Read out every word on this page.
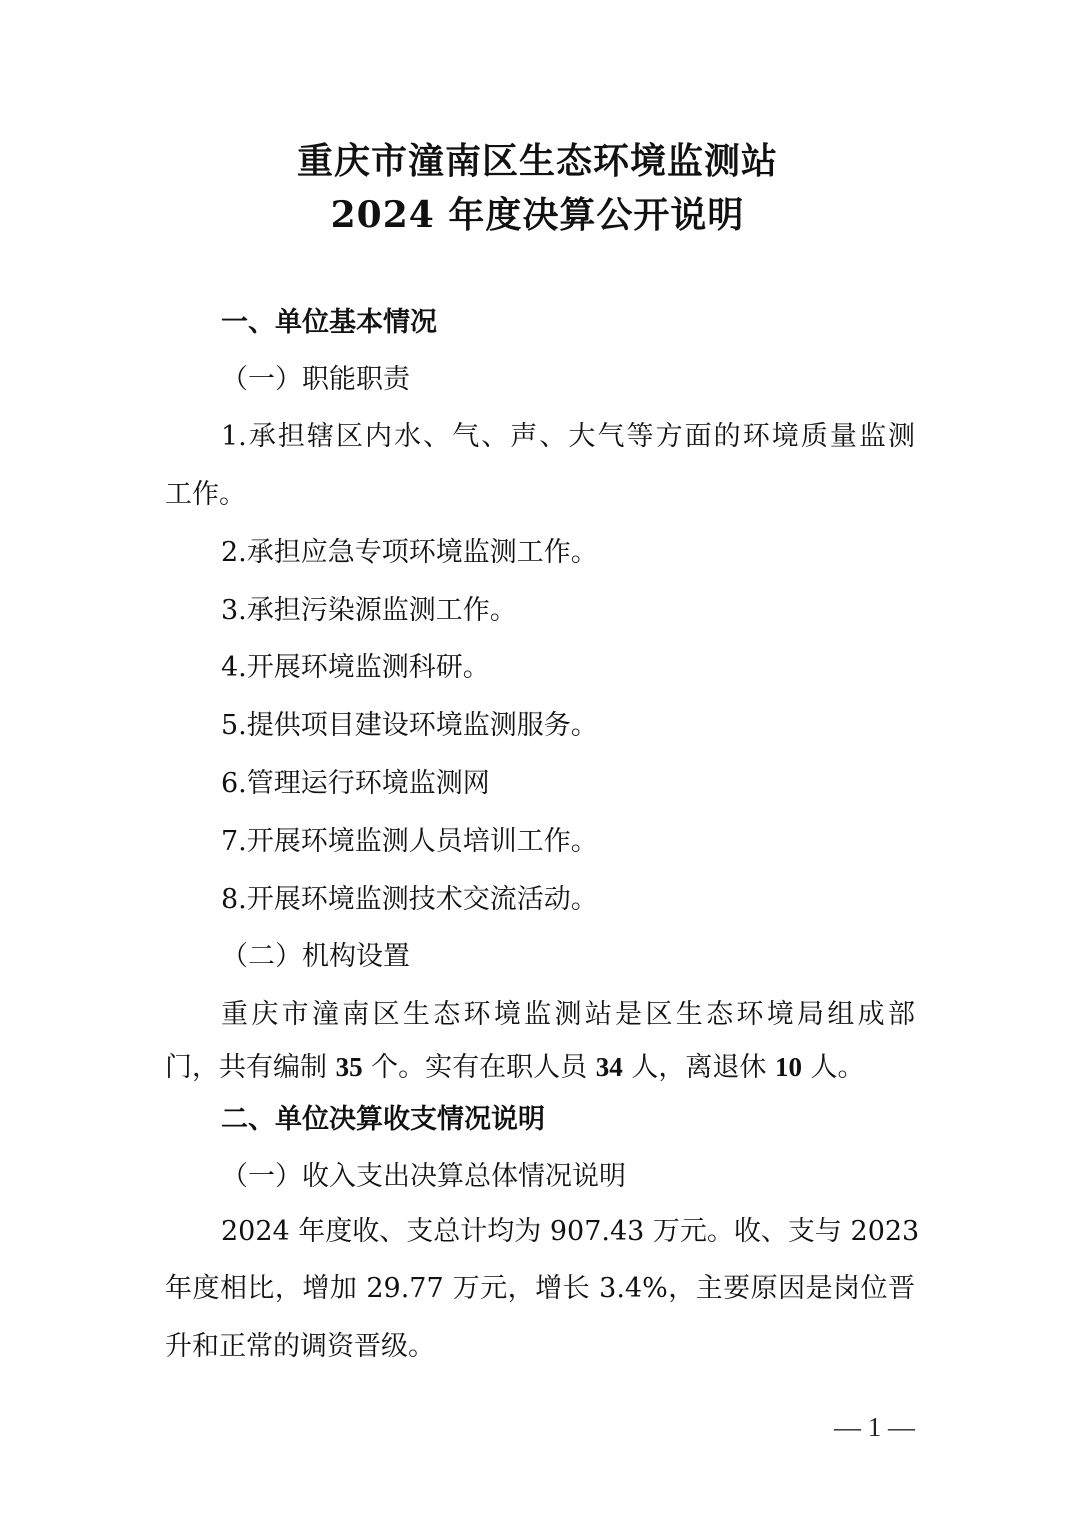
重庆市潼南区生态环境监测站
2024 年度决算公开说明
一、单位基本情况
（一）职能职责
1.承担辖区内水、气、声、大气等方面的环境质量监测
工作。
2.承担应急专项环境监测工作。
3.承担污染源监测工作。
4.开展环境监测科研。
5.提供项目建设环境监测服务。
6.管理运行环境监测网
7.开展环境监测人员培训工作。
8.开展环境监测技术交流活动。
（二）机构设置
重庆市潼南区生态环境监测站是区生态环境局组成部
门，共有编制 35 个。实有在职人员 34 人，离退休 10 人。
二、单位决算收支情况说明
（一）收入支出决算总体情况说明
2024 年度收、支总计均为 907.43 万元。收、支与 2023
年度相比，增加 29.77 万元，增长 3.4%，主要原因是岗位晋
升和正常的调资晋级。
— 1 —
